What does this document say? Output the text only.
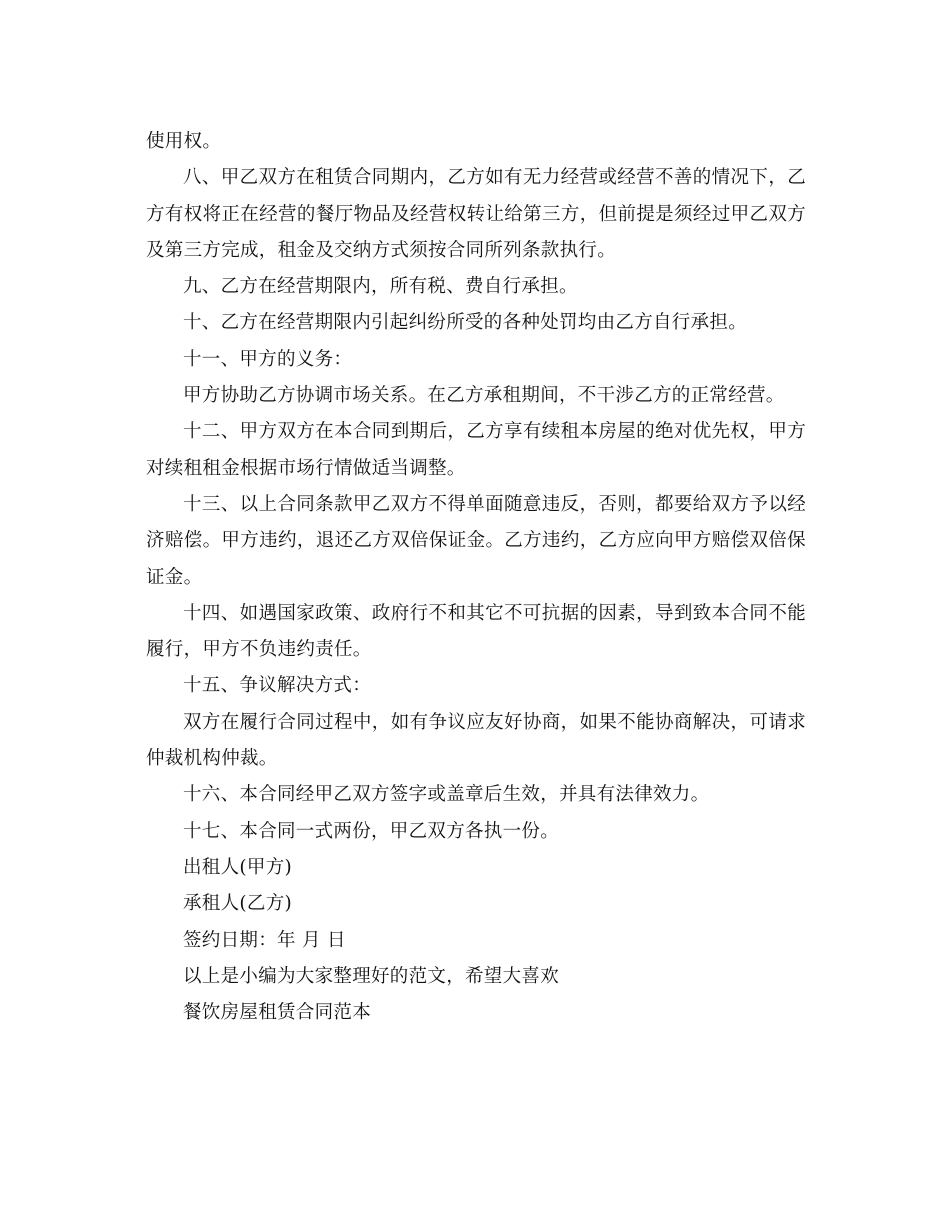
使用权。

八、甲乙双方在租赁合同期内，乙方如有无力经营或经营不善的情况下，乙方有权将正在经营的餐厅物品及经营权转让给第三方，但前提是须经过甲乙双方及第三方完成，租金及交纳方式须按合同所列条款执行。

九、乙方在经营期限内，所有税、费自行承担。

十、乙方在经营期限内引起纠纷所受的各种处罚均由乙方自行承担。

十一、甲方的义务：

甲方协助乙方协调市场关系。在乙方承租期间，不干涉乙方的正常经营。

十二、甲方双方在本合同到期后，乙方享有续租本房屋的绝对优先权，甲方对续租租金根据市场行情做适当调整。

十三、以上合同条款甲乙双方不得单面随意违反，否则，都要给双方予以经济赔偿。甲方违约，退还乙方双倍保证金。乙方违约，乙方应向甲方赔偿双倍保证金。

十四、如遇国家政策、政府行不和其它不可抗据的因素，导到致本合同不能履行，甲方不负违约责任。

十五、争议解决方式：

双方在履行合同过程中，如有争议应友好协商，如果不能协商解决，可请求仲裁机构仲裁。

十六、本合同经甲乙双方签字或盖章后生效，并具有法律效力。

十七、本合同一式两份，甲乙双方各执一份。

出租人(甲方)

承租人(乙方)

签约日期：年 月 日

以上是小编为大家整理好的范文，希望大喜欢

餐饮房屋租赁合同范本
